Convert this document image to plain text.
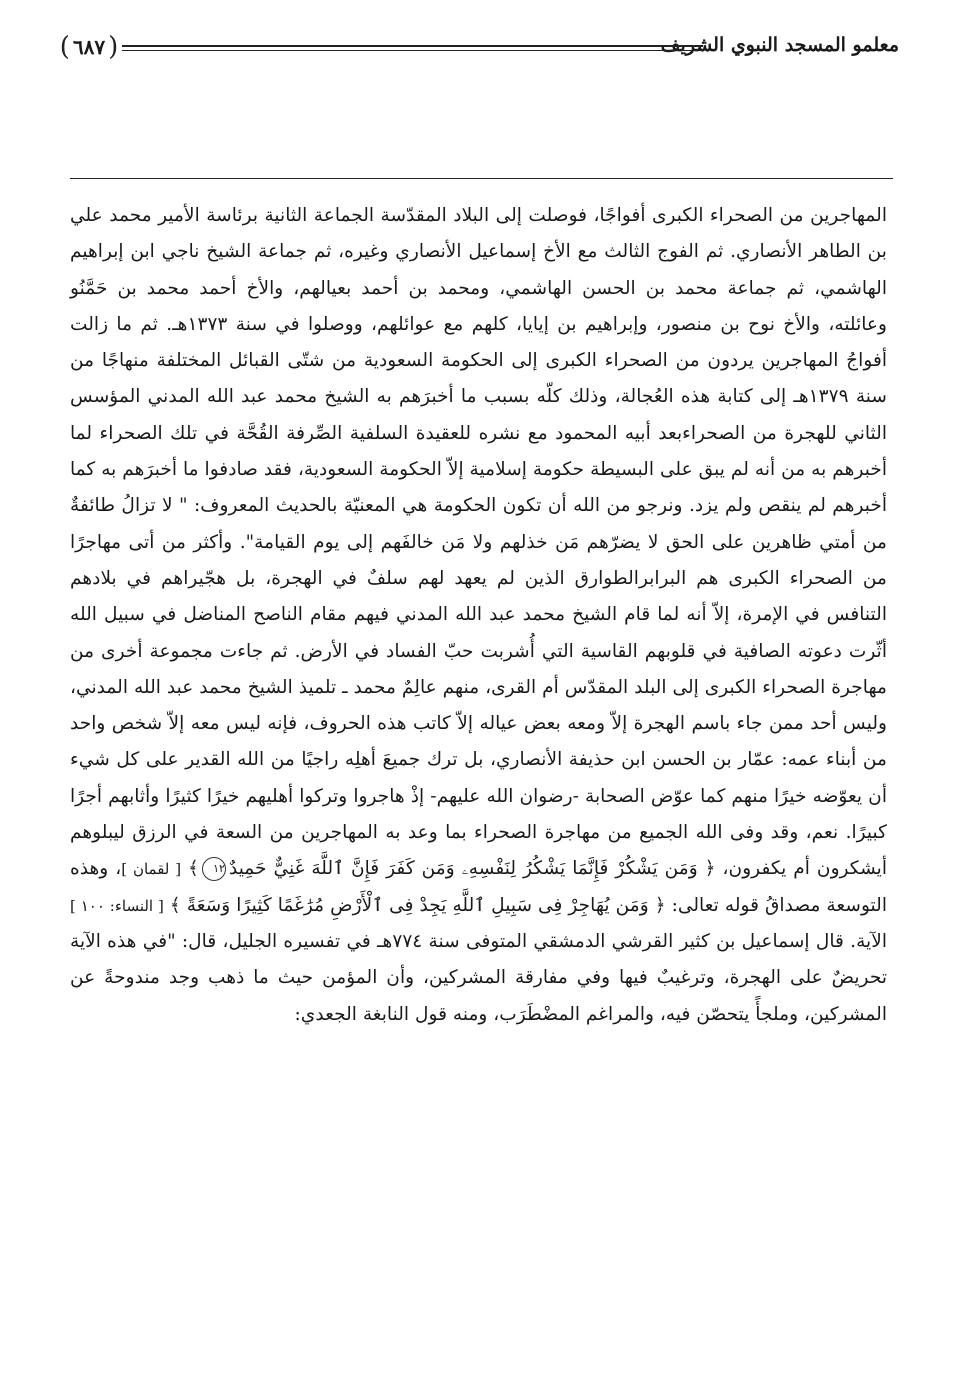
معلمو المسجد النبوي الشريف
(
٦٨٧
)

المهاجرين من الصحراء الكبرى أفواجًا، فوصلت إلى البلاد المقدّسة الجماعة الثانية برئاسة الأمير محمد علي بن الطاهر الأنصاري. ثم الفوج الثالث مع الأخ إسماعيل الأنصاري وغيره، ثم جماعة الشيخ ناجي ابن إبراهيم الهاشمي، ثم جماعة محمد بن الحسن الهاشمي، ومحمد بن أحمد بعيالهم، والأخ أحمد محمد بن حَمَّنُو وعائلته، والأخ نوح بن منصور، وإبراهيم بن إيايا، كلهم مع عوائلهم، ووصلوا في سنة ١٣٧٣هـ. ثم ما زالت أفواجُ المهاجرين يردون من الصحراء الكبرى إلى الحكومة السعودية من شتّى القبائل المختلفة منهاجًا من سنة ١٣٧٩هـ إلى كتابة هذه العُجالة، وذلك كلّه بسبب ما أخبرَهم به الشيخ محمد عبد الله المدني المؤسس الثاني للهجرة من الصحراءبعد أبيه المحمود مع نشره للعقيدة السلفية الصِّرفة القُحَّة في تلك الصحراء لما أخبرهم به من أنه لم يبق على البسيطة حكومة إسلامية إلاّ الحكومة السعودية، فقد صادفوا ما أخبرَهم به كما أخبرهم لم ينقص ولم يزد. ونرجو من الله أن تكون الحكومة هي المعنيّة بالحديث المعروف: " لا تزالُ طائفةٌ من أمتي ظاهرين على الحق لا يضرّهم مَن خذلهم ولا مَن خالفَهم إلى يوم القيامة". وأكثر من أتى مهاجرًا من الصحراء الكبرى هم البرابرالطوارق الذين لم يعهد لهم سلفٌ في الهجرة، بل هجّيراهم في بلادهم التنافس في الإمرة، إلاّ أنه لما قام الشيخ محمد عبد الله المدني فيهم مقام الناصح المناضل في سبيل الله أثّرت دعوته الصافية في قلوبهم القاسية التي أُشربت حبّ الفساد في الأرض. ثم جاءت مجموعة أخرى من مهاجرة الصحراء الكبرى إلى البلد المقدّس أم القرى، منهم عالِمٌ محمد ـ تلميذ الشيخ محمد عبد الله المدني، وليس أحد ممن جاء باسم الهجرة إلاّ ومعه بعض عياله إلاّ كاتب هذه الحروف، فإنه ليس معه إلاّ شخص واحد من أبناء عمه: عمّار بن الحسن ابن حذيفة الأنصاري، بل ترك جميعَ أهلِه راجيًا من الله القدير على كل شيء أن يعوّضه خيرًا منهم كما عوّض الصحابة -رضوان الله عليهم- إذْ هاجروا وتركوا أهليهم خيرًا كثيرًا وأثابهم أجرًا كبيرًا. نعم، وقد وفى الله الجميع من مهاجرة الصحراء بما وعد به المهاجرين من السعة في الرزق ليبلوهم أيشكرون أم يكفرون، ﴿ وَمَن يَشْكُرْ فَإِنَّمَا يَشْكُرُ لِنَفْسِهِۦ وَمَن كَفَرَ فَإِنَّ ٱللَّهَ غَنِيٌّ حَمِيدٌ١٢﴾ [ لقمان ]، وهذه التوسعة مصداقُ قوله تعالى: ﴿ وَمَن يُهَاجِرْ فِى سَبِيلِ ٱللَّهِ يَجِدْ فِى ٱلْأَرْضِ مُرَٰغَمًا كَثِيرًا وَسَعَةً ﴾ [ النساء: ١٠٠ ] الآية. قال إسماعيل بن كثير القرشي الدمشقي المتوفى سنة ٧٧٤هـ في تفسيره الجليل، قال: "في هذه الآية تحريضٌ على الهجرة، وترغيبٌ فيها وفي مفارقة المشركين، وأن المؤمن حيث ما ذهب وجد مندوحةً عن المشركين، وملجأً يتحصّن فيه، والمراغم المضْطَرَب، ومنه قول النابغة الجعدي:
